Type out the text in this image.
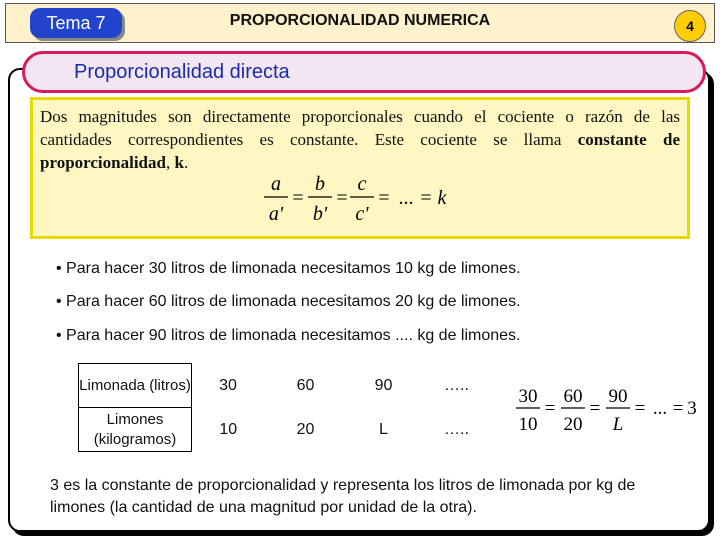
Tema 7	PROPORCIONALIDAD NUMERICA	4
Proporcionalidad directa
Dos magnitudes son directamente proporcionales cuando el cociente o razón de las cantidades correspondientes es constante. Este cociente se llama constante de proporcionalidad, k.
a
a'
=
b
b'
=
c
c'
= ... = k
• Para hacer 30 litros de limonada necesitamos 10 kg de limones.
• Para hacer 60 litros de limonada necesitamos 20 kg de limones.
• Para hacer 90 litros de limonada necesitamos .... kg de limones.
Limonada (litros)	30	60	90	…..
Limones (kilogramos)	10	20	L	…..
30
10
=
60
20
=
90
L
= ... = 3
3 es la constante de proporcionalidad y representa los litros de limonada por kg de limones (la cantidad de una magnitud por unidad de la otra).
